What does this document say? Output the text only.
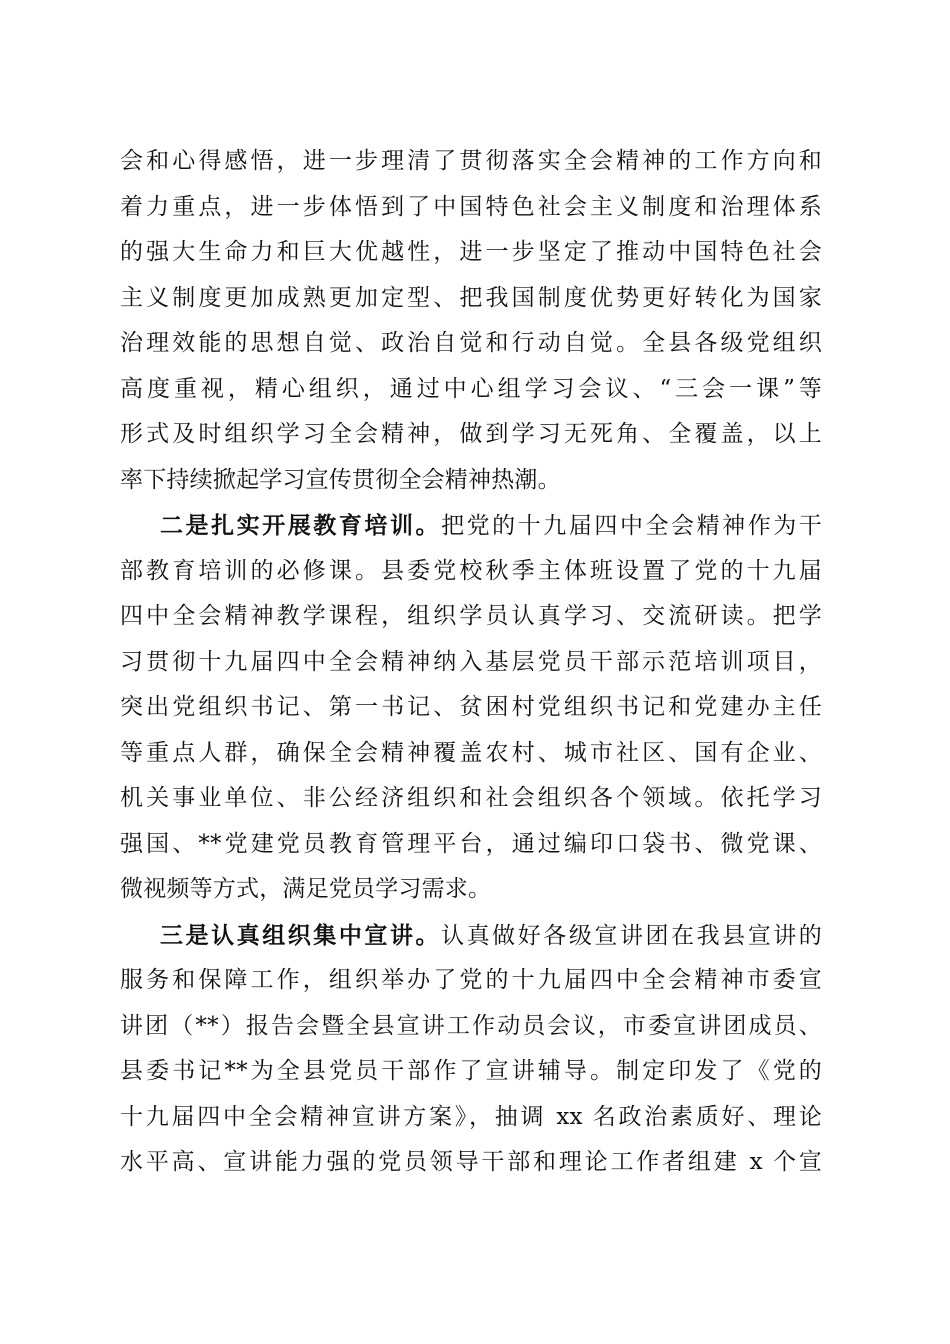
会和心得感悟，进一步理清了贯彻落实全会精神的工作方向和
着力重点，进一步体悟到了中国特色社会主义制度和治理体系
的强大生命力和巨大优越性，进一步坚定了推动中国特色社会
主义制度更加成熟更加定型、把我国制度优势更好转化为国家
治理效能的思想自觉、政治自觉和行动自觉。全县各级党组织
高度重视，精心组织，通过中心组学习会议、“三会一课”等
形式及时组织学习全会精神，做到学习无死角、全覆盖，以上
率下持续掀起学习宣传贯彻全会精神热潮。
二是扎实开展教育培训。把党的十九届四中全会精神作为干
部教育培训的必修课。县委党校秋季主体班设置了党的十九届
四中全会精神教学课程，组织学员认真学习、交流研读。把学
习贯彻十九届四中全会精神纳入基层党员干部示范培训项目，
突出党组织书记、第一书记、贫困村党组织书记和党建办主任
等重点人群，确保全会精神覆盖农村、城市社区、国有企业、
机关事业单位、非公经济组织和社会组织各个领域。依托学习
强国、**党建党员教育管理平台，通过编印口袋书、微党课、
微视频等方式，满足党员学习需求。
三是认真组织集中宣讲。认真做好各级宣讲团在我县宣讲的
服务和保障工作，组织举办了党的十九届四中全会精神市委宣
讲团（**）报告会暨全县宣讲工作动员会议，市委宣讲团成员、
县委书记**为全县党员干部作了宣讲辅导。制定印发了《党的
十九届四中全会精神宣讲方案》，抽调 xx 名政治素质好、理论
水平高、宣讲能力强的党员领导干部和理论工作者组建 x 个宣
